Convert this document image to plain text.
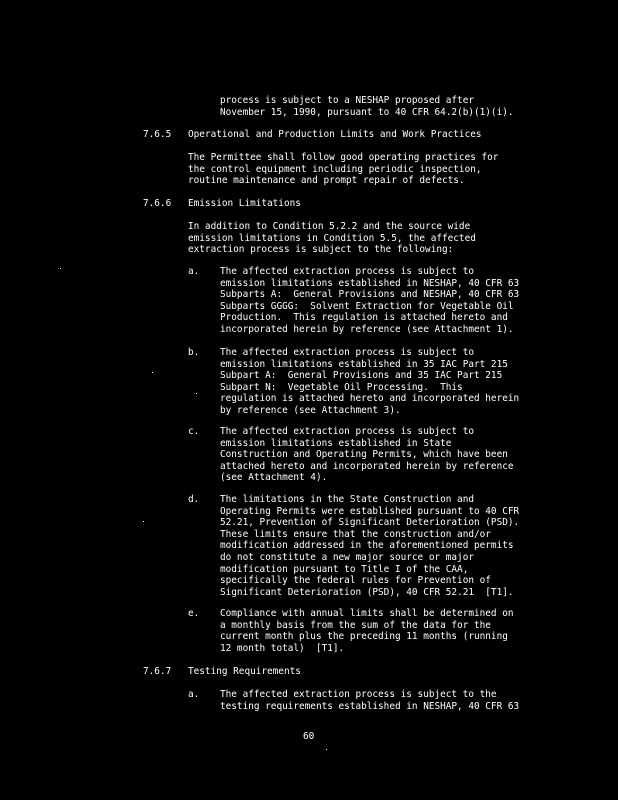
process is subject to a NESHAP proposed after
November 15, 1990, pursuant to 40 CFR 64.2(b)(1)(i).
7.6.5 Operational and Production Limits and Work Practices
The Permittee shall follow good operating practices for
the control equipment including periodic inspection,
routine maintenance and prompt repair of defects.
7.6.6 Emission Limitations
In addition to Condition 5.2.2 and the source wide
emission limitations in Condition 5.5, the affected
extraction process is subject to the following:
a. The affected extraction process is subject to
emission limitations established in NESHAP, 40 CFR 63
Subparts A:  General Provisions and NESHAP, 40 CFR 63
Subparts GGGG:  Solvent Extraction for Vegetable Oil
Production.  This regulation is attached hereto and
incorporated herein by reference (see Attachment 1).
b. The affected extraction process is subject to
emission limitations established in 35 IAC Part 215
Subpart A:  General Provisions and 35 IAC Part 215
Subpart N:  Vegetable Oil Processing.  This
regulation is attached hereto and incorporated herein
by reference (see Attachment 3).
c. The affected extraction process is subject to
emission limitations established in State
Construction and Operating Permits, which have been
attached hereto and incorporated herein by reference
(see Attachment 4).
d. The limitations in the State Construction and
Operating Permits were established pursuant to 40 CFR
52.21, Prevention of Significant Deterioration (PSD).
These limits ensure that the construction and/or
modification addressed in the aforementioned permits
do not constitute a new major source or major
modification pursuant to Title I of the CAA,
specifically the federal rules for Prevention of
Significant Deterioration (PSD), 40 CFR 52.21  [T1].
e. Compliance with annual limits shall be determined on
a monthly basis from the sum of the data for the
current month plus the preceding 11 months (running
12 month total)  [T1].
7.6.7 Testing Requirements
a. The affected extraction process is subject to the
testing requirements established in NESHAP, 40 CFR 63
60
